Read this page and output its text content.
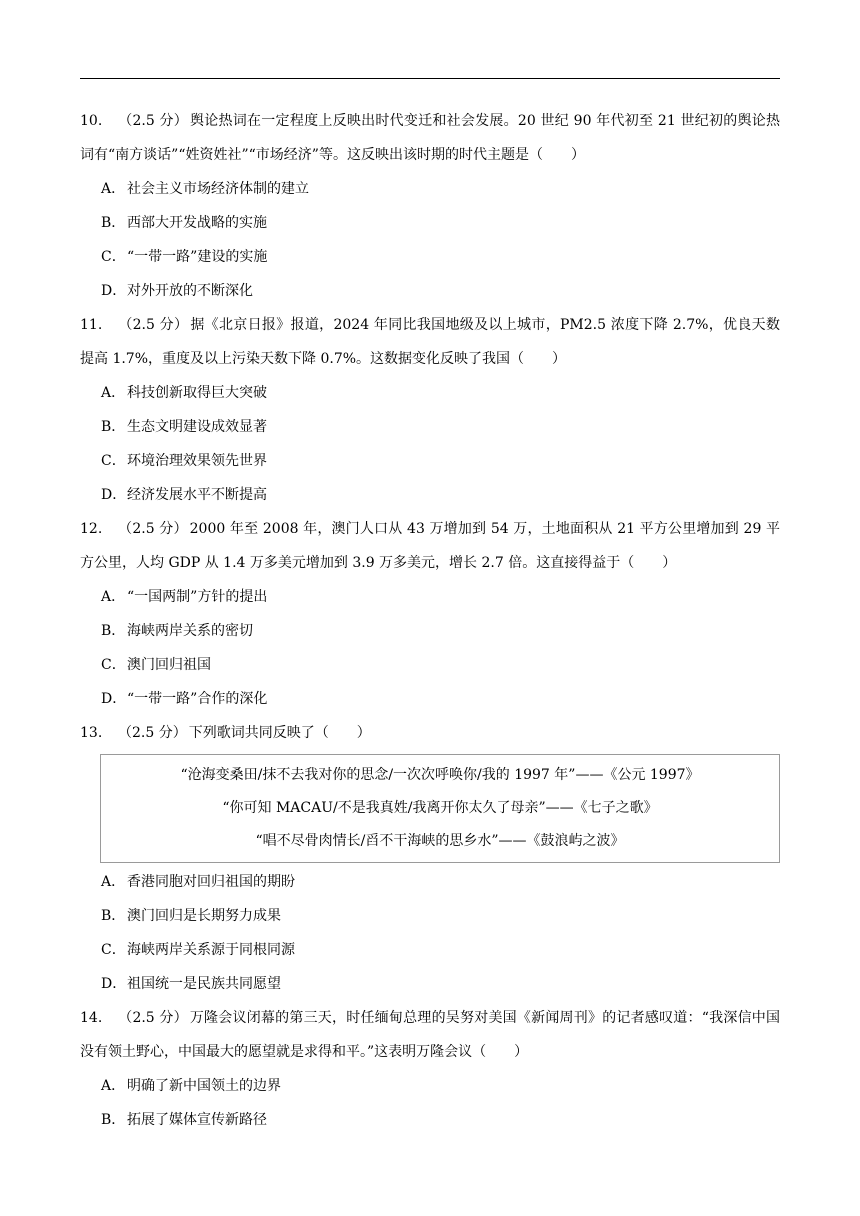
10. （2.5 分） 舆论热词在一定程度上反映出时代变迁和社会发展。20 世纪 90 年代初至 21 世纪初的舆论热词有“南方谈话”“姓资姓社”“市场经济”等。这反映出该时期的时代主题是（　　）
A． 社会主义市场经济体制的建立
B． 西部大开发战略的实施
C．“一带一路”建设的实施
D．对外开放的不断深化
11. （2.5 分） 据《北京日报》报道，2024 年同比我国地级及以上城市，PM2.5 浓度下降 2.7%，优良天数提高 1.7%，重度及以上污染天数下降 0.7%。这数据变化反映了我国（　　）
A． 科技创新取得巨大突破
B． 生态文明建设成效显著
C．环境治理效果领先世界
D．经济发展水平不断提高
12. （2.5 分） 2000 年至 2008 年，澳门人口从 43 万增加到 54 万，土地面积从 21 平方公里增加到 29 平方公里，人均 GDP 从 1.4 万多美元增加到 3.9 万多美元，增长 2.7 倍。这直接得益于（　　）
A． “一国两制”方针的提出
B． 海峡两岸关系的密切
C．澳门回归祖国
D．“一带一路”合作的深化
13. （2.5 分） 下列歌词共同反映了（　　）
“沧海变桑田/抹不去我对你的思念/一次次呼唤你/我的 1997 年”——《公元 1997》
“你可知 MACAU/不是我真姓/我离开你太久了母亲”——《七子之歌》
“唱不尽骨肉情长/舀不干海峡的思乡水”——《鼓浪屿之波》
A． 香港同胞对回归祖国的期盼
B． 澳门回归是长期努力成果
C．海峡两岸关系源于同根同源
D．祖国统一是民族共同愿望
14. （2.5 分） 万隆会议闭幕的第三天，时任缅甸总理的吴努对美国《新闻周刊》的记者感叹道：“我深信中国没有领土野心，中国最大的愿望就是求得和平。”这表明万隆会议（　　）
A． 明确了新中国领土的边界
B． 拓展了媒体宣传新路径
